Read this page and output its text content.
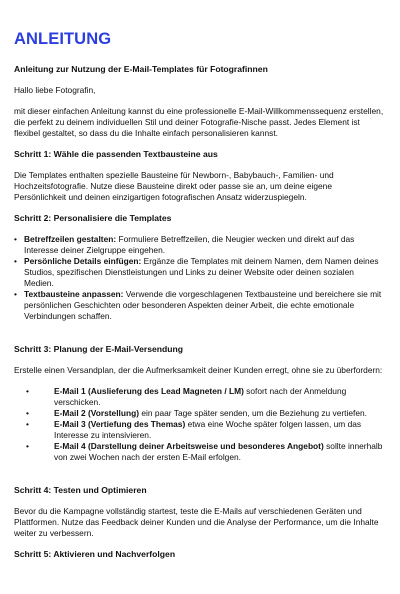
ANLEITUNG
Anleitung zur Nutzung der E-Mail-Templates für Fotografinnen

Hallo liebe Fotografin,

mit dieser einfachen Anleitung kannst du eine professionelle E-Mail-Willkommenssequenz erstellen, die perfekt zu deinem individuellen Stil und deiner Fotografie-Nische passt. Jedes Element ist flexibel gestaltet, so dass du die Inhalte einfach personalisieren kannst.

Schritt 1: Wähle die passenden Textbausteine aus

Die Templates enthalten spezielle Bausteine für Newborn-, Babybauch-, Familien- und Hochzeitsfotografie. Nutze diese Bausteine direkt oder passe sie an, um deine eigene Persönlichkeit und deinen einzigartigen fotografischen Ansatz widerzuspiegeln.

Schritt 2: Personalisiere die Templates
• Betreffzeilen gestalten: Formuliere Betreffzeilen, die Neugier wecken und direkt auf das Interesse deiner Zielgruppe eingehen.
• Persönliche Details einfügen: Ergänze die Templates mit deinem Namen, dem Namen deines Studios, spezifischen Dienstleistungen und Links zu deiner Website oder deinen sozialen Medien.
• Textbausteine anpassen: Verwende die vorgeschlagenen Textbausteine und bereichere sie mit persönlichen Geschichten oder besonderen Aspekten deiner Arbeit, die echte emotionale Verbindungen schaffen.
Schritt 3: Planung der E-Mail-Versendung

Erstelle einen Versandplan, der die Aufmerksamkeit deiner Kunden erregt, ohne sie zu überfordern:

•	E-Mail 1 (Auslieferung des Lead Magneten / LM) sofort nach der Anmeldung verschicken.
•	E-Mail 2 (Vorstellung) ein paar Tage später senden, um die Beziehung zu vertiefen.
•	E-Mail 3 (Vertiefung des Themas) etwa eine Woche später folgen lassen, um das Interesse zu intensivieren.
•	E-Mail 4 (Darstellung deiner Arbeitsweise und besonderes Angebot) sollte innerhalb von zwei Wochen nach der ersten E-Mail erfolgen.
Schritt 4: Testen und Optimieren

Bevor du die Kampagne vollständig startest, teste die E-Mails auf verschiedenen Geräten und Plattformen. Nutze das Feedback deiner Kunden und die Analyse der Performance, um die Inhalte weiter zu verbessern.

Schritt 5: Aktivieren und Nachverfolgen
